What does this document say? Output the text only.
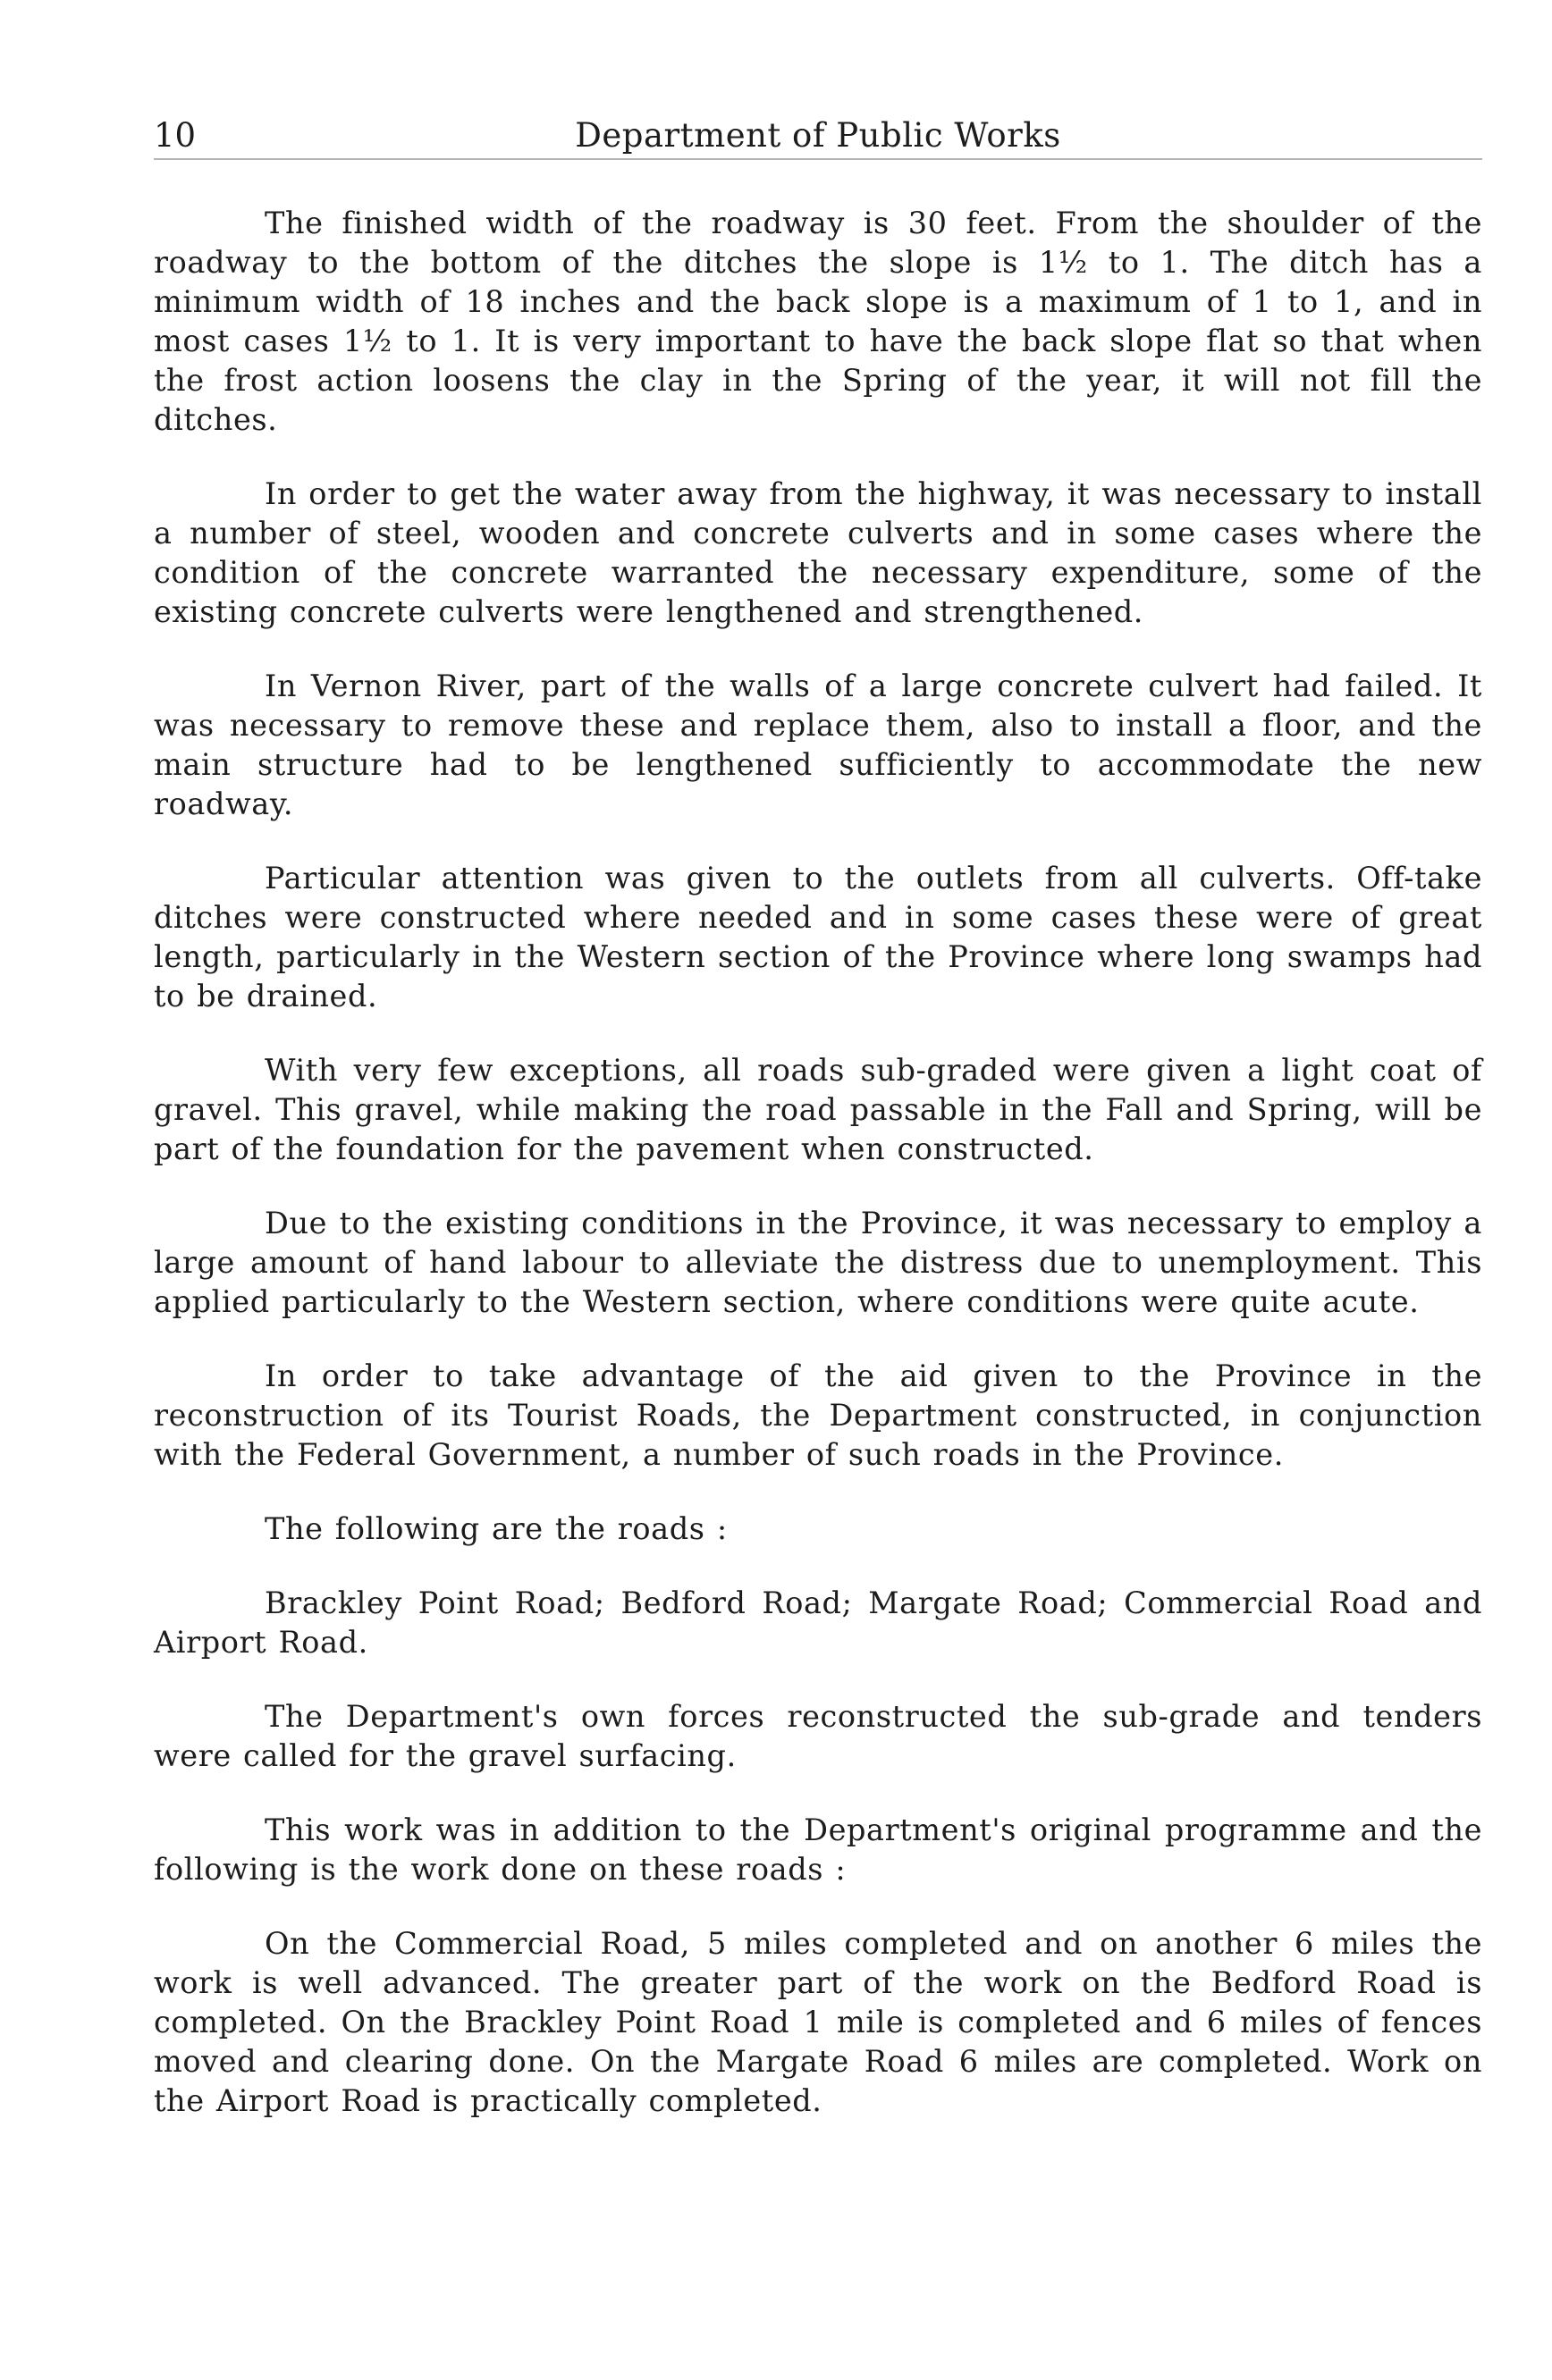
10	Department of Public Works

The finished width of the roadway is 30 feet. From the shoulder of the roadway to the bottom of the ditches the slope is 1½ to 1. The ditch has a minimum width of 18 inches and the back slope is a maximum of 1 to 1, and in most cases 1½ to 1. It is very important to have the back slope flat so that when the frost action loosens the clay in the Spring of the year, it will not fill the ditches.

In order to get the water away from the highway, it was necessary to install a number of steel, wooden and concrete culverts and in some cases where the condition of the concrete warranted the necessary expenditure, some of the existing concrete culverts were lengthened and strengthened.

In Vernon River, part of the walls of a large concrete culvert had failed. It was necessary to remove these and replace them, also to install a floor, and the main structure had to be lengthened sufficiently to accommodate the new roadway.

Particular attention was given to the outlets from all culverts. Off-take ditches were constructed where needed and in some cases these were of great length, particularly in the Western section of the Province where long swamps had to be drained.

With very few exceptions, all roads sub-graded were given a light coat of gravel. This gravel, while making the road passable in the Fall and Spring, will be part of the foundation for the pavement when constructed.

Due to the existing conditions in the Province, it was necessary to employ a large amount of hand labour to alleviate the distress due to unemployment. This applied particularly to the Western section, where conditions were quite acute.

In order to take advantage of the aid given to the Province in the reconstruction of its Tourist Roads, the Department constructed, in conjunction with the Federal Government, a number of such roads in the Province.

The following are the roads :

Brackley Point Road; Bedford Road; Margate Road; Commercial Road and Airport Road.

The Department's own forces reconstructed the sub-grade and tenders were called for the gravel surfacing.

This work was in addition to the Department's original programme and the following is the work done on these roads :

On the Commercial Road, 5 miles completed and on another 6 miles the work is well advanced. The greater part of the work on the Bedford Road is completed. On the Brackley Point Road 1 mile is completed and 6 miles of fences moved and clearing done. On the Margate Road 6 miles are completed. Work on the Airport Road is practically completed.
